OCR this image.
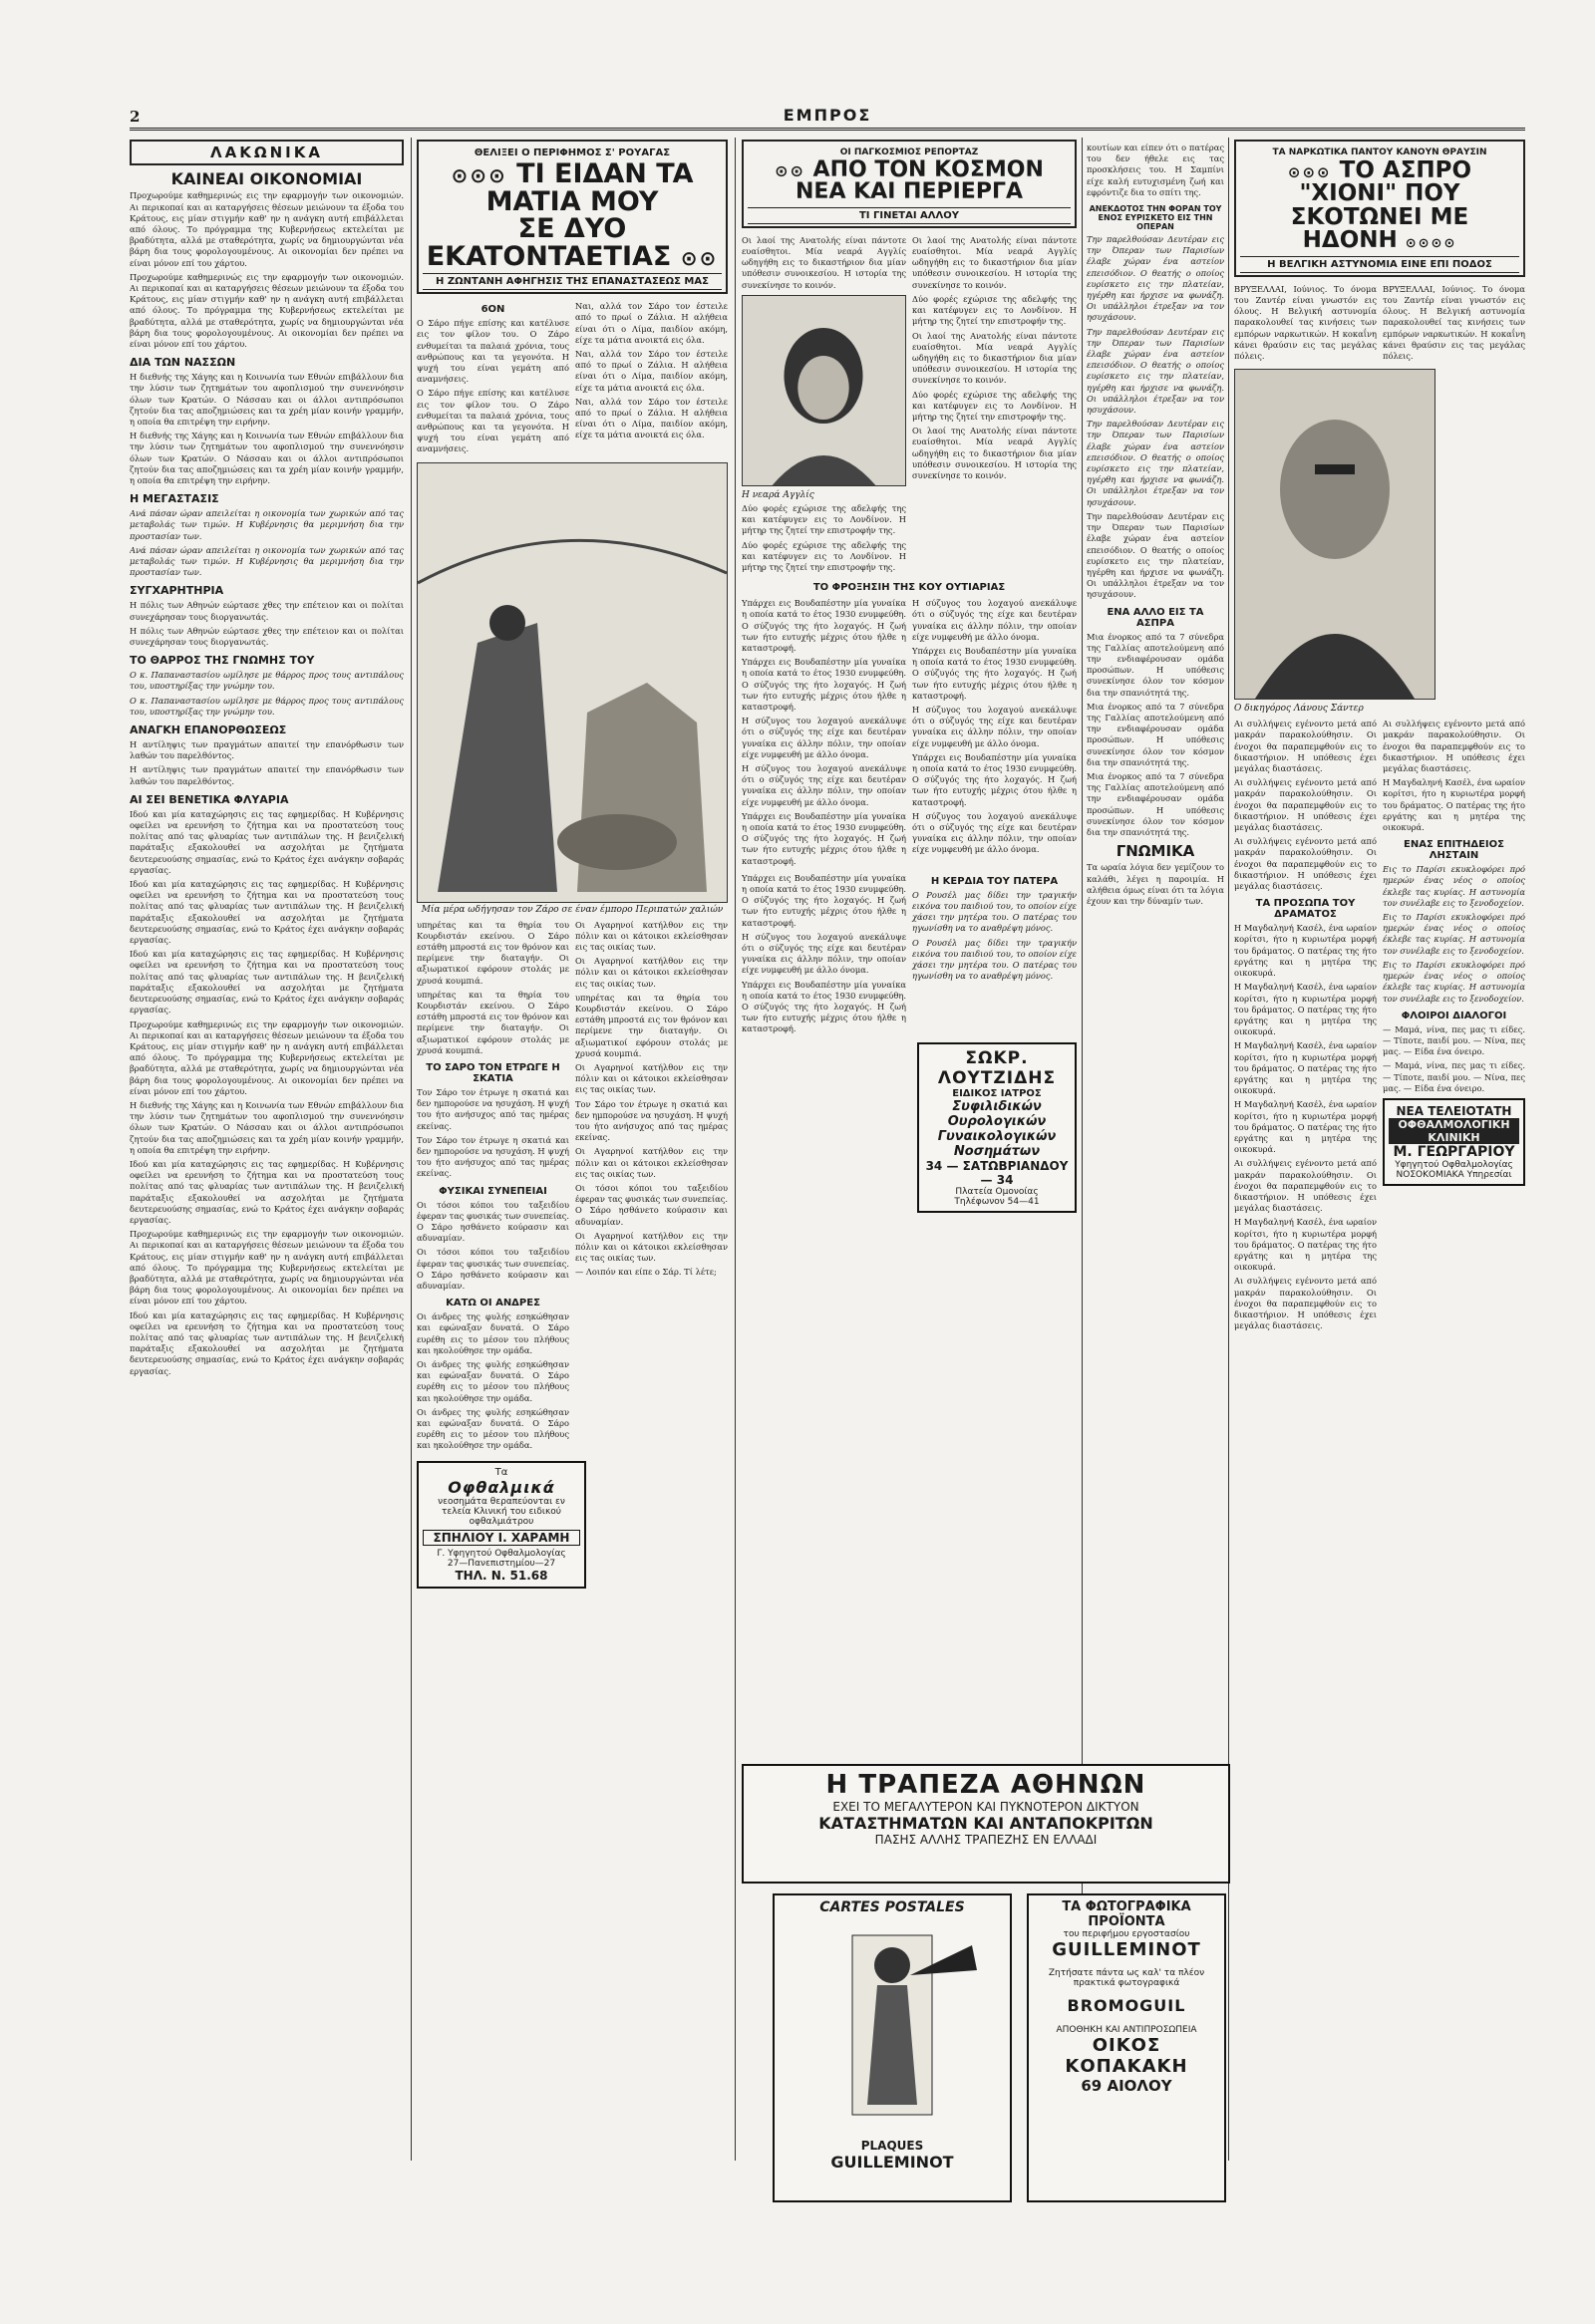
2	ΕΜΠΡΟΣ
ΛΑΚΩΝΙΚΑ
ΚΑΙΝΕΑΙ ΟΙΚΟΝΟΜΙΑΙ
Προχωρούμε καθημερινώς εις την εφαρμογήν των οικονομιών. Αι περικοπαί και αι καταργήσεις θέσεων μειώνουν τα έξοδα του Κράτους, εις μίαν στιγμήν καθ' ην η ανάγκη αυτή επιβάλλεται από όλους. Το πρόγραμμα της Κυβερνήσεως εκτελείται με βραδύτητα, αλλά με σταθερότητα, χωρίς να δημιουργώνται νέα βάρη δια τους φορολογουμένους. Αι οικονομίαι δεν πρέπει να είναι μόνον επί του χάρτου.
Προχωρούμε καθημερινώς εις την εφαρμογήν των οικονομιών. Αι περικοπαί και αι καταργήσεις θέσεων μειώνουν τα έξοδα του Κράτους, εις μίαν στιγμήν καθ' ην η ανάγκη αυτή επιβάλλεται από όλους. Το πρόγραμμα της Κυβερνήσεως εκτελείται με βραδύτητα, αλλά με σταθερότητα, χωρίς να δημιουργώνται νέα βάρη δια τους φορολογουμένους. Αι οικονομίαι δεν πρέπει να είναι μόνον επί του χάρτου.
ΔΙΑ ΤΩΝ ΝΑΣΣΩΝ
Η διεθνής της Χάγης και η Κοινωνία των Εθνών επιβάλλουν δια την λύσιν των ζητημάτων του αφοπλισμού την συνεννόησιν όλων των Κρατών. Ο Νάσσαυ και οι άλλοι αντιπρόσωποι ζητούν δια τας αποζημιώσεις και τα χρέη μίαν κοινήν γραμμήν, η οποία θα επιτρέψη την ειρήνην.
Η διεθνής της Χάγης και η Κοινωνία των Εθνών επιβάλλουν δια την λύσιν των ζητημάτων του αφοπλισμού την συνεννόησιν όλων των Κρατών. Ο Νάσσαυ και οι άλλοι αντιπρόσωποι ζητούν δια τας αποζημιώσεις και τα χρέη μίαν κοινήν γραμμήν, η οποία θα επιτρέψη την ειρήνην.
Η ΜΕΓΑΣΤΑΣΙΣ
Ανά πάσαν ώραν απειλείται η οικονομία των χωρικών από τας μεταβολάς των τιμών. Η Κυβέρνησις θα μεριμνήση δια την προστασίαν των.
Ανά πάσαν ώραν απειλείται η οικονομία των χωρικών από τας μεταβολάς των τιμών. Η Κυβέρνησις θα μεριμνήση δια την προστασίαν των.
ΣΥΓΧΑΡΗΤΗΡΙΑ
Η πόλις των Αθηνών εώρτασε χθες την επέτειον και οι πολίται συνεχάρησαν τους διοργανωτάς.
Η πόλις των Αθηνών εώρτασε χθες την επέτειον και οι πολίται συνεχάρησαν τους διοργανωτάς.
ΤΟ ΘΑΡΡΟΣ ΤΗΣ ΓΝΩΜΗΣ ΤΟΥ
Ο κ. Παπαναστασίου ωμίλησε με θάρρος προς τους αντιπάλους του, υποστηρίξας την γνώμην του.
Ο κ. Παπαναστασίου ωμίλησε με θάρρος προς τους αντιπάλους του, υποστηρίξας την γνώμην του.
ΑΝΑΓΚΗ ΕΠΑΝΟΡΘΩΣΕΩΣ
Η αντίληψις των πραγμάτων απαιτεί την επανόρθωσιν των λαθών του παρελθόντος.
Η αντίληψις των πραγμάτων απαιτεί την επανόρθωσιν των λαθών του παρελθόντος.
ΑΙ ΣΕΙ ΒΕΝΕΤΙΚΑ ΦΛΥΑΡΙΑ
Ιδού και μία καταχώρησις εις τας εφημερίδας. Η Κυβέρνησις οφείλει να ερευνήση το ζήτημα και να προστατεύση τους πολίτας από τας φλυαρίας των αντιπάλων της. Η βενιζελική παράταξις εξακολουθεί να ασχολήται με ζητήματα δευτερευούσης σημασίας, ενώ το Κράτος έχει ανάγκην σοβαράς εργασίας.
Ιδού και μία καταχώρησις εις τας εφημερίδας. Η Κυβέρνησις οφείλει να ερευνήση το ζήτημα και να προστατεύση τους πολίτας από τας φλυαρίας των αντιπάλων της. Η βενιζελική παράταξις εξακολουθεί να ασχολήται με ζητήματα δευτερευούσης σημασίας, ενώ το Κράτος έχει ανάγκην σοβαράς εργασίας.
Ιδού και μία καταχώρησις εις τας εφημερίδας. Η Κυβέρνησις οφείλει να ερευνήση το ζήτημα και να προστατεύση τους πολίτας από τας φλυαρίας των αντιπάλων της. Η βενιζελική παράταξις εξακολουθεί να ασχολήται με ζητήματα δευτερευούσης σημασίας, ενώ το Κράτος έχει ανάγκην σοβαράς εργασίας.
Προχωρούμε καθημερινώς εις την εφαρμογήν των οικονομιών. Αι περικοπαί και αι καταργήσεις θέσεων μειώνουν τα έξοδα του Κράτους, εις μίαν στιγμήν καθ' ην η ανάγκη αυτή επιβάλλεται από όλους. Το πρόγραμμα της Κυβερνήσεως εκτελείται με βραδύτητα, αλλά με σταθερότητα, χωρίς να δημιουργώνται νέα βάρη δια τους φορολογουμένους. Αι οικονομίαι δεν πρέπει να είναι μόνον επί του χάρτου.
Η διεθνής της Χάγης και η Κοινωνία των Εθνών επιβάλλουν δια την λύσιν των ζητημάτων του αφοπλισμού την συνεννόησιν όλων των Κρατών. Ο Νάσσαυ και οι άλλοι αντιπρόσωποι ζητούν δια τας αποζημιώσεις και τα χρέη μίαν κοινήν γραμμήν, η οποία θα επιτρέψη την ειρήνην.
Ιδού και μία καταχώρησις εις τας εφημερίδας. Η Κυβέρνησις οφείλει να ερευνήση το ζήτημα και να προστατεύση τους πολίτας από τας φλυαρίας των αντιπάλων της. Η βενιζελική παράταξις εξακολουθεί να ασχολήται με ζητήματα δευτερευούσης σημασίας, ενώ το Κράτος έχει ανάγκην σοβαράς εργασίας.
Προχωρούμε καθημερινώς εις την εφαρμογήν των οικονομιών. Αι περικοπαί και αι καταργήσεις θέσεων μειώνουν τα έξοδα του Κράτους, εις μίαν στιγμήν καθ' ην η ανάγκη αυτή επιβάλλεται από όλους. Το πρόγραμμα της Κυβερνήσεως εκτελείται με βραδύτητα, αλλά με σταθερότητα, χωρίς να δημιουργώνται νέα βάρη δια τους φορολογουμένους. Αι οικονομίαι δεν πρέπει να είναι μόνον επί του χάρτου.
Ιδού και μία καταχώρησις εις τας εφημερίδας. Η Κυβέρνησις οφείλει να ερευνήση το ζήτημα και να προστατεύση τους πολίτας από τας φλυαρίας των αντιπάλων της. Η βενιζελική παράταξις εξακολουθεί να ασχολήται με ζητήματα δευτερευούσης σημασίας, ενώ το Κράτος έχει ανάγκην σοβαράς εργασίας.
ΘΕΛΙΞΕΙ Ο ΠΕΡΙΦΗΜΟΣ Σ' ΡΟΥΑΓΑΣ
⊙⊙⊙ TI EIΔAN TA MATIA MOY
ΣE ΔYO EKATONTAETIAΣ ⊙⊙
Η ΖΩΝΤΑΝΗ ΑΦΗΓΗΣΙΣ ΤΗΣ ΕΠΑΝΑΣΤΑΣΕΩΣ ΜΑΣ
6ΟΝ
Ο Σάρο πήγε επίσης και κατέλυσε εις τον φίλον του. Ο Ζάρο ενθυμείται τα παλαιά χρόνια, τους ανθρώπους και τα γεγονότα. Η ψυχή του είναι γεμάτη από αναμνήσεις.
Ο Σάρο πήγε επίσης και κατέλυσε εις τον φίλον του. Ο Ζάρο ενθυμείται τα παλαιά χρόνια, τους ανθρώπους και τα γεγονότα. Η ψυχή του είναι γεμάτη από αναμνήσεις.
Ναι, αλλά τον Σάρο τον έστειλε από το πρωί ο Ζάλια. Η αλήθεια είναι ότι ο Λίμα, παιδίον ακόμη, είχε τα μάτια ανοικτά εις όλα.
Ναι, αλλά τον Σάρο τον έστειλε από το πρωί ο Ζάλια. Η αλήθεια είναι ότι ο Λίμα, παιδίον ακόμη, είχε τα μάτια ανοικτά εις όλα.
Ναι, αλλά τον Σάρο τον έστειλε από το πρωί ο Ζάλια. Η αλήθεια είναι ότι ο Λίμα, παιδίον ακόμη, είχε τα μάτια ανοικτά εις όλα.
Μία μέρα ωδήγησαν τον Ζάρο σε έναν έμπορο Περιπατών χαλιών
υπηρέτας και τα θηρία του Κουρδιστάν εκείνου. Ο Σάρο εστάθη μπροστά εις τον θρόνον και περίμενε την διαταγήν. Οι αξιωματικοί εφόρουν στολάς με χρυσά κουμπιά.
υπηρέτας και τα θηρία του Κουρδιστάν εκείνου. Ο Σάρο εστάθη μπροστά εις τον θρόνον και περίμενε την διαταγήν. Οι αξιωματικοί εφόρουν στολάς με χρυσά κουμπιά.
ΤΟ ΣΑΡΟ ΤΟΝ ΕΤΡΩΓΕ Η ΣΚΑΤΙΑ
Τον Σάρο τον έτρωγε η σκατιά και δεν ημπορούσε να ησυχάση. Η ψυχή του ήτο ανήσυχος από τας ημέρας εκείνας.
Τον Σάρο τον έτρωγε η σκατιά και δεν ημπορούσε να ησυχάση. Η ψυχή του ήτο ανήσυχος από τας ημέρας εκείνας.
ΦΥΣΙΚΑΙ ΣΥΝΕΠΕΙΑΙ
Οι τόσοι κόποι του ταξειδίου έφεραν τας φυσικάς των συνεπείας. Ο Σάρο ησθάνετο κούρασιν και αδυναμίαν.
Οι τόσοι κόποι του ταξειδίου έφεραν τας φυσικάς των συνεπείας. Ο Σάρο ησθάνετο κούρασιν και αδυναμίαν.
ΚΑΤΩ ΟΙ ΑΝΔΡΕΣ
Οι άνδρες της φυλής εσηκώθησαν και εφώναξαν δυνατά. Ο Σάρο ευρέθη εις το μέσον του πλήθους και ηκολούθησε την ομάδα.
Οι άνδρες της φυλής εσηκώθησαν και εφώναξαν δυνατά. Ο Σάρο ευρέθη εις το μέσον του πλήθους και ηκολούθησε την ομάδα.
Οι άνδρες της φυλής εσηκώθησαν και εφώναξαν δυνατά. Ο Σάρο ευρέθη εις το μέσον του πλήθους και ηκολούθησε την ομάδα.
Οι Αγαρηνοί κατήλθον εις την πόλιν και οι κάτοικοι εκλείσθησαν εις τας οικίας των.
Οι Αγαρηνοί κατήλθον εις την πόλιν και οι κάτοικοι εκλείσθησαν εις τας οικίας των.
υπηρέτας και τα θηρία του Κουρδιστάν εκείνου. Ο Σάρο εστάθη μπροστά εις τον θρόνον και περίμενε την διαταγήν. Οι αξιωματικοί εφόρουν στολάς με χρυσά κουμπιά.
Οι Αγαρηνοί κατήλθον εις την πόλιν και οι κάτοικοι εκλείσθησαν εις τας οικίας των.
Τον Σάρο τον έτρωγε η σκατιά και δεν ημπορούσε να ησυχάση. Η ψυχή του ήτο ανήσυχος από τας ημέρας εκείνας.
Οι Αγαρηνοί κατήλθον εις την πόλιν και οι κάτοικοι εκλείσθησαν εις τας οικίας των.
Οι τόσοι κόποι του ταξειδίου έφεραν τας φυσικάς των συνεπείας. Ο Σάρο ησθάνετο κούρασιν και αδυναμίαν.
Οι Αγαρηνοί κατήλθον εις την πόλιν και οι κάτοικοι εκλείσθησαν εις τας οικίας των.
— Λοιπόν και είπε ο Σάρ. Τί λέτε;
Τα
Οφθαλμικά
νεοσημάτα θεραπεύονται εν τελεία Κλινική του ειδικού οφθαλμιάτρου
ΣΠΗΛΙΟΥ Ι. ΧΑΡΑΜΗ
Γ. Υφηγητού Οφθαλμολογίας
27—Πανεπιστημίου—27
ΤΗΛ. Ν. 51.68
ΟΙ ΠΑΓΚΟΣΜΙΟΣ ΡΕΠΟΡΤΑΖ
⊙⊙ ΑΠΟ ΤΟΝ ΚΟΣΜΟΝ
ΝΕΑ ΚΑΙ ΠΕΡΙΕΡΓΑ
ΤΙ ΓΙΝΕΤΑΙ ΑΛΛΟΥ
Οι λαοί της Ανατολής είναι πάντοτε ευαίσθητοι. Μία νεαρά Αγγλίς ωδηγήθη εις το δικαστήριον δια μίαν υπόθεσιν συνοικεσίου. Η ιστορία της συνεκίνησε το κοινόν.
Η νεαρά Αγγλίς
Δύο φορές εχώρισε της αδελφής της και κατέφυγεν εις το Λονδίνον. Η μήτηρ της ζητεί την επιστροφήν της.
Δύο φορές εχώρισε της αδελφής της και κατέφυγεν εις το Λονδίνον. Η μήτηρ της ζητεί την επιστροφήν της.
Οι λαοί της Ανατολής είναι πάντοτε ευαίσθητοι. Μία νεαρά Αγγλίς ωδηγήθη εις το δικαστήριον δια μίαν υπόθεσιν συνοικεσίου. Η ιστορία της συνεκίνησε το κοινόν.
Δύο φορές εχώρισε της αδελφής της και κατέφυγεν εις το Λονδίνον. Η μήτηρ της ζητεί την επιστροφήν της.
Οι λαοί της Ανατολής είναι πάντοτε ευαίσθητοι. Μία νεαρά Αγγλίς ωδηγήθη εις το δικαστήριον δια μίαν υπόθεσιν συνοικεσίου. Η ιστορία της συνεκίνησε το κοινόν.
Δύο φορές εχώρισε της αδελφής της και κατέφυγεν εις το Λονδίνον. Η μήτηρ της ζητεί την επιστροφήν της.
Οι λαοί της Ανατολής είναι πάντοτε ευαίσθητοι. Μία νεαρά Αγγλίς ωδηγήθη εις το δικαστήριον δια μίαν υπόθεσιν συνοικεσίου. Η ιστορία της συνεκίνησε το κοινόν.
ΤΟ ΦΡΟΞΗΣΙΗ ΤΗΣ ΚΟΥ ΟΥΤΙΑΡΙΑΣ
Υπάρχει εις Βουδαπέστην μία γυναίκα η οποία κατά το έτος 1930 ενυμφεύθη. Ο σύζυγός της ήτο λοχαγός. Η ζωή των ήτο ευτυχής μέχρις ότου ήλθε η καταστροφή.
Υπάρχει εις Βουδαπέστην μία γυναίκα η οποία κατά το έτος 1930 ενυμφεύθη. Ο σύζυγός της ήτο λοχαγός. Η ζωή των ήτο ευτυχής μέχρις ότου ήλθε η καταστροφή.
Η σύζυγος του λοχαγού ανεκάλυψε ότι ο σύζυγός της είχε και δευτέραν γυναίκα εις άλλην πόλιν, την οποίαν είχε νυμφευθή με άλλο όνομα.
Η σύζυγος του λοχαγού ανεκάλυψε ότι ο σύζυγός της είχε και δευτέραν γυναίκα εις άλλην πόλιν, την οποίαν είχε νυμφευθή με άλλο όνομα.
Υπάρχει εις Βουδαπέστην μία γυναίκα η οποία κατά το έτος 1930 ενυμφεύθη. Ο σύζυγός της ήτο λοχαγός. Η ζωή των ήτο ευτυχής μέχρις ότου ήλθε η καταστροφή.
Η σύζυγος του λοχαγού ανεκάλυψε ότι ο σύζυγός της είχε και δευτέραν γυναίκα εις άλλην πόλιν, την οποίαν είχε νυμφευθή με άλλο όνομα.
Υπάρχει εις Βουδαπέστην μία γυναίκα η οποία κατά το έτος 1930 ενυμφεύθη. Ο σύζυγός της ήτο λοχαγός. Η ζωή των ήτο ευτυχής μέχρις ότου ήλθε η καταστροφή.
Η σύζυγος του λοχαγού ανεκάλυψε ότι ο σύζυγός της είχε και δευτέραν γυναίκα εις άλλην πόλιν, την οποίαν είχε νυμφευθή με άλλο όνομα.
Υπάρχει εις Βουδαπέστην μία γυναίκα η οποία κατά το έτος 1930 ενυμφεύθη. Ο σύζυγός της ήτο λοχαγός. Η ζωή των ήτο ευτυχής μέχρις ότου ήλθε η καταστροφή.
Η σύζυγος του λοχαγού ανεκάλυψε ότι ο σύζυγός της είχε και δευτέραν γυναίκα εις άλλην πόλιν, την οποίαν είχε νυμφευθή με άλλο όνομα.
Υπάρχει εις Βουδαπέστην μία γυναίκα η οποία κατά το έτος 1930 ενυμφεύθη. Ο σύζυγός της ήτο λοχαγός. Η ζωή των ήτο ευτυχής μέχρις ότου ήλθε η καταστροφή.
Η σύζυγος του λοχαγού ανεκάλυψε ότι ο σύζυγός της είχε και δευτέραν γυναίκα εις άλλην πόλιν, την οποίαν είχε νυμφευθή με άλλο όνομα.
Υπάρχει εις Βουδαπέστην μία γυναίκα η οποία κατά το έτος 1930 ενυμφεύθη. Ο σύζυγός της ήτο λοχαγός. Η ζωή των ήτο ευτυχής μέχρις ότου ήλθε η καταστροφή.
Η ΚΕΡΔΙΑ ΤΟΥ ΠΑΤΕΡΑ
Ο Ρουσέλ μας δίδει την τραγικήν εικόνα του παιδιού του, το οποίον είχε χάσει την μητέρα του. Ο πατέρας του ηγωνίσθη να το αναθρέψη μόνος.
Ο Ρουσέλ μας δίδει την τραγικήν εικόνα του παιδιού του, το οποίον είχε χάσει την μητέρα του. Ο πατέρας του ηγωνίσθη να το αναθρέψη μόνος.
ΣΩΚΡ. ΛΟΥΤΖΙΔΗΣ
ΕΙΔΙΚΟΣ ΙΑΤΡΟΣ
Συφιλιδικών Ουρολογικών Γυναικολογικών Νοσημάτων
34 — ΣΑΤΩΒΡΙΑΝΔΟΥ — 34
Πλατεία Ομονοίας
Τηλέφωνον 54—41
κουτίων και είπεν ότι ο πατέρας του δεν ήθελε εις τας προσκλήσεις του. Η Σαμπίνι είχε καλή ευτυχισμένη ζωή και εφρόντιζε δια το σπίτι της.
ΑΝΕΚΔΟΤΟΣ ΤΗΝ ΦΟΡΑΝ ΤΟΥ ΕΝΟΣ ΕΥΡΙΣΚΕΤΟ ΕΙΣ ΤΗΝ ΟΠΕΡΑΝ
Την παρελθούσαν Δευτέραν εις την Όπεραν των Παρισίων έλαβε χώραν ένα αστείον επεισόδιον. Ο θεατής ο οποίος ευρίσκετο εις την πλατείαν, ηγέρθη και ήρχισε να φωνάζη. Οι υπάλληλοι έτρεξαν να τον ησυχάσουν.
Την παρελθούσαν Δευτέραν εις την Όπεραν των Παρισίων έλαβε χώραν ένα αστείον επεισόδιον. Ο θεατής ο οποίος ευρίσκετο εις την πλατείαν, ηγέρθη και ήρχισε να φωνάζη. Οι υπάλληλοι έτρεξαν να τον ησυχάσουν.
Την παρελθούσαν Δευτέραν εις την Όπεραν των Παρισίων έλαβε χώραν ένα αστείον επεισόδιον. Ο θεατής ο οποίος ευρίσκετο εις την πλατείαν, ηγέρθη και ήρχισε να φωνάζη. Οι υπάλληλοι έτρεξαν να τον ησυχάσουν.
Την παρελθούσαν Δευτέραν εις την Όπεραν των Παρισίων έλαβε χώραν ένα αστείον επεισόδιον. Ο θεατής ο οποίος ευρίσκετο εις την πλατείαν, ηγέρθη και ήρχισε να φωνάζη. Οι υπάλληλοι έτρεξαν να τον ησυχάσουν.
ΕΝΑ ΑΛΛΟ ΕΙΣ ΤΑ ΑΣΠΡΑ
Μια ένορκος από τα 7 σύνεδρα της Γαλλίας αποτελούμενη από την ενδιαφέρουσαν ομάδα προσώπων. Η υπόθεσις συνεκίνησε όλον τον κόσμον δια την σπανιότητά της.
Μια ένορκος από τα 7 σύνεδρα της Γαλλίας αποτελούμενη από την ενδιαφέρουσαν ομάδα προσώπων. Η υπόθεσις συνεκίνησε όλον τον κόσμον δια την σπανιότητά της.
Μια ένορκος από τα 7 σύνεδρα της Γαλλίας αποτελούμενη από την ενδιαφέρουσαν ομάδα προσώπων. Η υπόθεσις συνεκίνησε όλον τον κόσμον δια την σπανιότητά της.
ΓΝΩΜΙΚΑ
Τα ωραία λόγια δεν γεμίζουν το καλάθι, λέγει η παροιμία. Η αλήθεια όμως είναι ότι τα λόγια έχουν και την δύναμίν των.
Η ΤΡΑΠΕΖΑ ΑΘΗΝΩΝ
ΕΧΕΙ ΤΟ ΜΕΓΑΛΥΤΕΡΟΝ ΚΑΙ ΠΥΚΝΟΤΕΡΟΝ ΔΙΚΤΥΟΝ
ΚΑΤΑΣΤΗΜΑΤΩΝ ΚΑΙ ΑΝΤΑΠΟΚΡΙΤΩΝ
ΠΑΣΗΣ ΑΛΛΗΣ ΤΡΑΠΕΖΗΣ ΕΝ ΕΛΛΑΔΙ
CARTES POSTALES
PLAQUES
GUILLEMINOT
ΤΑ ΦΩΤΟΓΡΑΦΙΚΑ ΠΡΟΪΟΝΤΑ
του περιφήμου εργοστασίου
GUILLEMINOT
Ζητήσατε πάντα ως καλ' τα πλέον πρακτικά φωτογραφικά
BROMOGUIL
ΑΠΟΘΗΚΗ ΚΑΙ ΑΝΤΙΠΡΟΣΩΠΕΙΑ
ΟΙΚΟΣ ΚΟΠΑΚΑΚΗ
69 ΑΙΟΛΟΥ
ΤΑ ΝΑΡΚΩΤΙΚΑ ΠΑΝΤΟΥ ΚΑΝΟΥΝ ΘΡΑΥΣΙΝ
⊙⊙⊙ ΤΟ ΑΣΠΡΟ "ΧΙΟΝΙ" ΠΟΥ
ΣΚΟΤΩΝΕΙ ΜΕ ΗΔΟΝΗ ⊙⊙⊙⊙
Η ΒΕΛΓΙΚΗ ΑΣΤΥΝΟΜΙΑ ΕΙΝΕ ΕΠΙ ΠΟΔΟΣ
ΒΡΥΞΕΛΛΑΙ, Ιούνιος. Το όνομα του Ζαντέρ είναι γνωστόν εις όλους. Η Βελγική αστυνομία παρακολουθεί τας κινήσεις των εμπόρων ναρκωτικών. Η κοκαΐνη κάνει θραύσιν εις τας μεγάλας πόλεις.
ΒΡΥΞΕΛΛΑΙ, Ιούνιος. Το όνομα του Ζαντέρ είναι γνωστόν εις όλους. Η Βελγική αστυνομία παρακολουθεί τας κινήσεις των εμπόρων ναρκωτικών. Η κοκαΐνη κάνει θραύσιν εις τας μεγάλας πόλεις.
Ο δικηγόρος Λάνους Σάντερ
Αι συλλήψεις εγένοντο μετά από μακράν παρακολούθησιν. Οι ένοχοι θα παραπεμφθούν εις το δικαστήριον. Η υπόθεσις έχει μεγάλας διαστάσεις.
Αι συλλήψεις εγένοντο μετά από μακράν παρακολούθησιν. Οι ένοχοι θα παραπεμφθούν εις το δικαστήριον. Η υπόθεσις έχει μεγάλας διαστάσεις.
Αι συλλήψεις εγένοντο μετά από μακράν παρακολούθησιν. Οι ένοχοι θα παραπεμφθούν εις το δικαστήριον. Η υπόθεσις έχει μεγάλας διαστάσεις.
ΤΑ ΠΡΟΣΩΠΑ ΤΟΥ ΔΡΑΜΑΤΟΣ
Η Μαγδαληνή Κασέλ, ένα ωραίον κορίτσι, ήτο η κυριωτέρα μορφή του δράματος. Ο πατέρας της ήτο εργάτης και η μητέρα της οικοκυρά.
Η Μαγδαληνή Κασέλ, ένα ωραίον κορίτσι, ήτο η κυριωτέρα μορφή του δράματος. Ο πατέρας της ήτο εργάτης και η μητέρα της οικοκυρά.
Η Μαγδαληνή Κασέλ, ένα ωραίον κορίτσι, ήτο η κυριωτέρα μορφή του δράματος. Ο πατέρας της ήτο εργάτης και η μητέρα της οικοκυρά.
Η Μαγδαληνή Κασέλ, ένα ωραίον κορίτσι, ήτο η κυριωτέρα μορφή του δράματος. Ο πατέρας της ήτο εργάτης και η μητέρα της οικοκυρά.
Αι συλλήψεις εγένοντο μετά από μακράν παρακολούθησιν. Οι ένοχοι θα παραπεμφθούν εις το δικαστήριον. Η υπόθεσις έχει μεγάλας διαστάσεις.
Η Μαγδαληνή Κασέλ, ένα ωραίον κορίτσι, ήτο η κυριωτέρα μορφή του δράματος. Ο πατέρας της ήτο εργάτης και η μητέρα της οικοκυρά.
Αι συλλήψεις εγένοντο μετά από μακράν παρακολούθησιν. Οι ένοχοι θα παραπεμφθούν εις το δικαστήριον. Η υπόθεσις έχει μεγάλας διαστάσεις.
Αι συλλήψεις εγένοντο μετά από μακράν παρακολούθησιν. Οι ένοχοι θα παραπεμφθούν εις το δικαστήριον. Η υπόθεσις έχει μεγάλας διαστάσεις.
Η Μαγδαληνή Κασέλ, ένα ωραίον κορίτσι, ήτο η κυριωτέρα μορφή του δράματος. Ο πατέρας της ήτο εργάτης και η μητέρα της οικοκυρά.
ΕΝΑΣ ΕΠΙΤΗΔΕΙΟΣ ΛΗΣΤΑΙΝ
Εις το Παρίσι εκυκλοφόρει πρό ημερών ένας νέος ο οποίος έκλεβε τας κυρίας. Η αστυνομία τον συνέλαβε εις το ξενοδοχείον.
Εις το Παρίσι εκυκλοφόρει πρό ημερών ένας νέος ο οποίος έκλεβε τας κυρίας. Η αστυνομία τον συνέλαβε εις το ξενοδοχείον.
Εις το Παρίσι εκυκλοφόρει πρό ημερών ένας νέος ο οποίος έκλεβε τας κυρίας. Η αστυνομία τον συνέλαβε εις το ξενοδοχείον.
ΦΛΟΙΡΟΙ ΔΙΑΛΟΓΟΙ
— Μαμά, νίνα, πες μας τι είδες. — Τίποτε, παιδί μου. — Νίνα, πες μας. — Είδα ένα όνειρο.
— Μαμά, νίνα, πες μας τι είδες. — Τίποτε, παιδί μου. — Νίνα, πες μας. — Είδα ένα όνειρο.
ΝΕΑ ΤΕΛΕΙΟΤΑΤΗ
ΟΦΘΑΛΜΟΛΟΓΙΚΗ ΚΛΙΝΙΚΗ
Μ. ΓΕΩΡΓΑΡΙΟΥ
Υφηγητού Οφθαλμολογίας
ΝΟΣΟΚΟΜΙΑΚΑ Υπηρεσίαι
